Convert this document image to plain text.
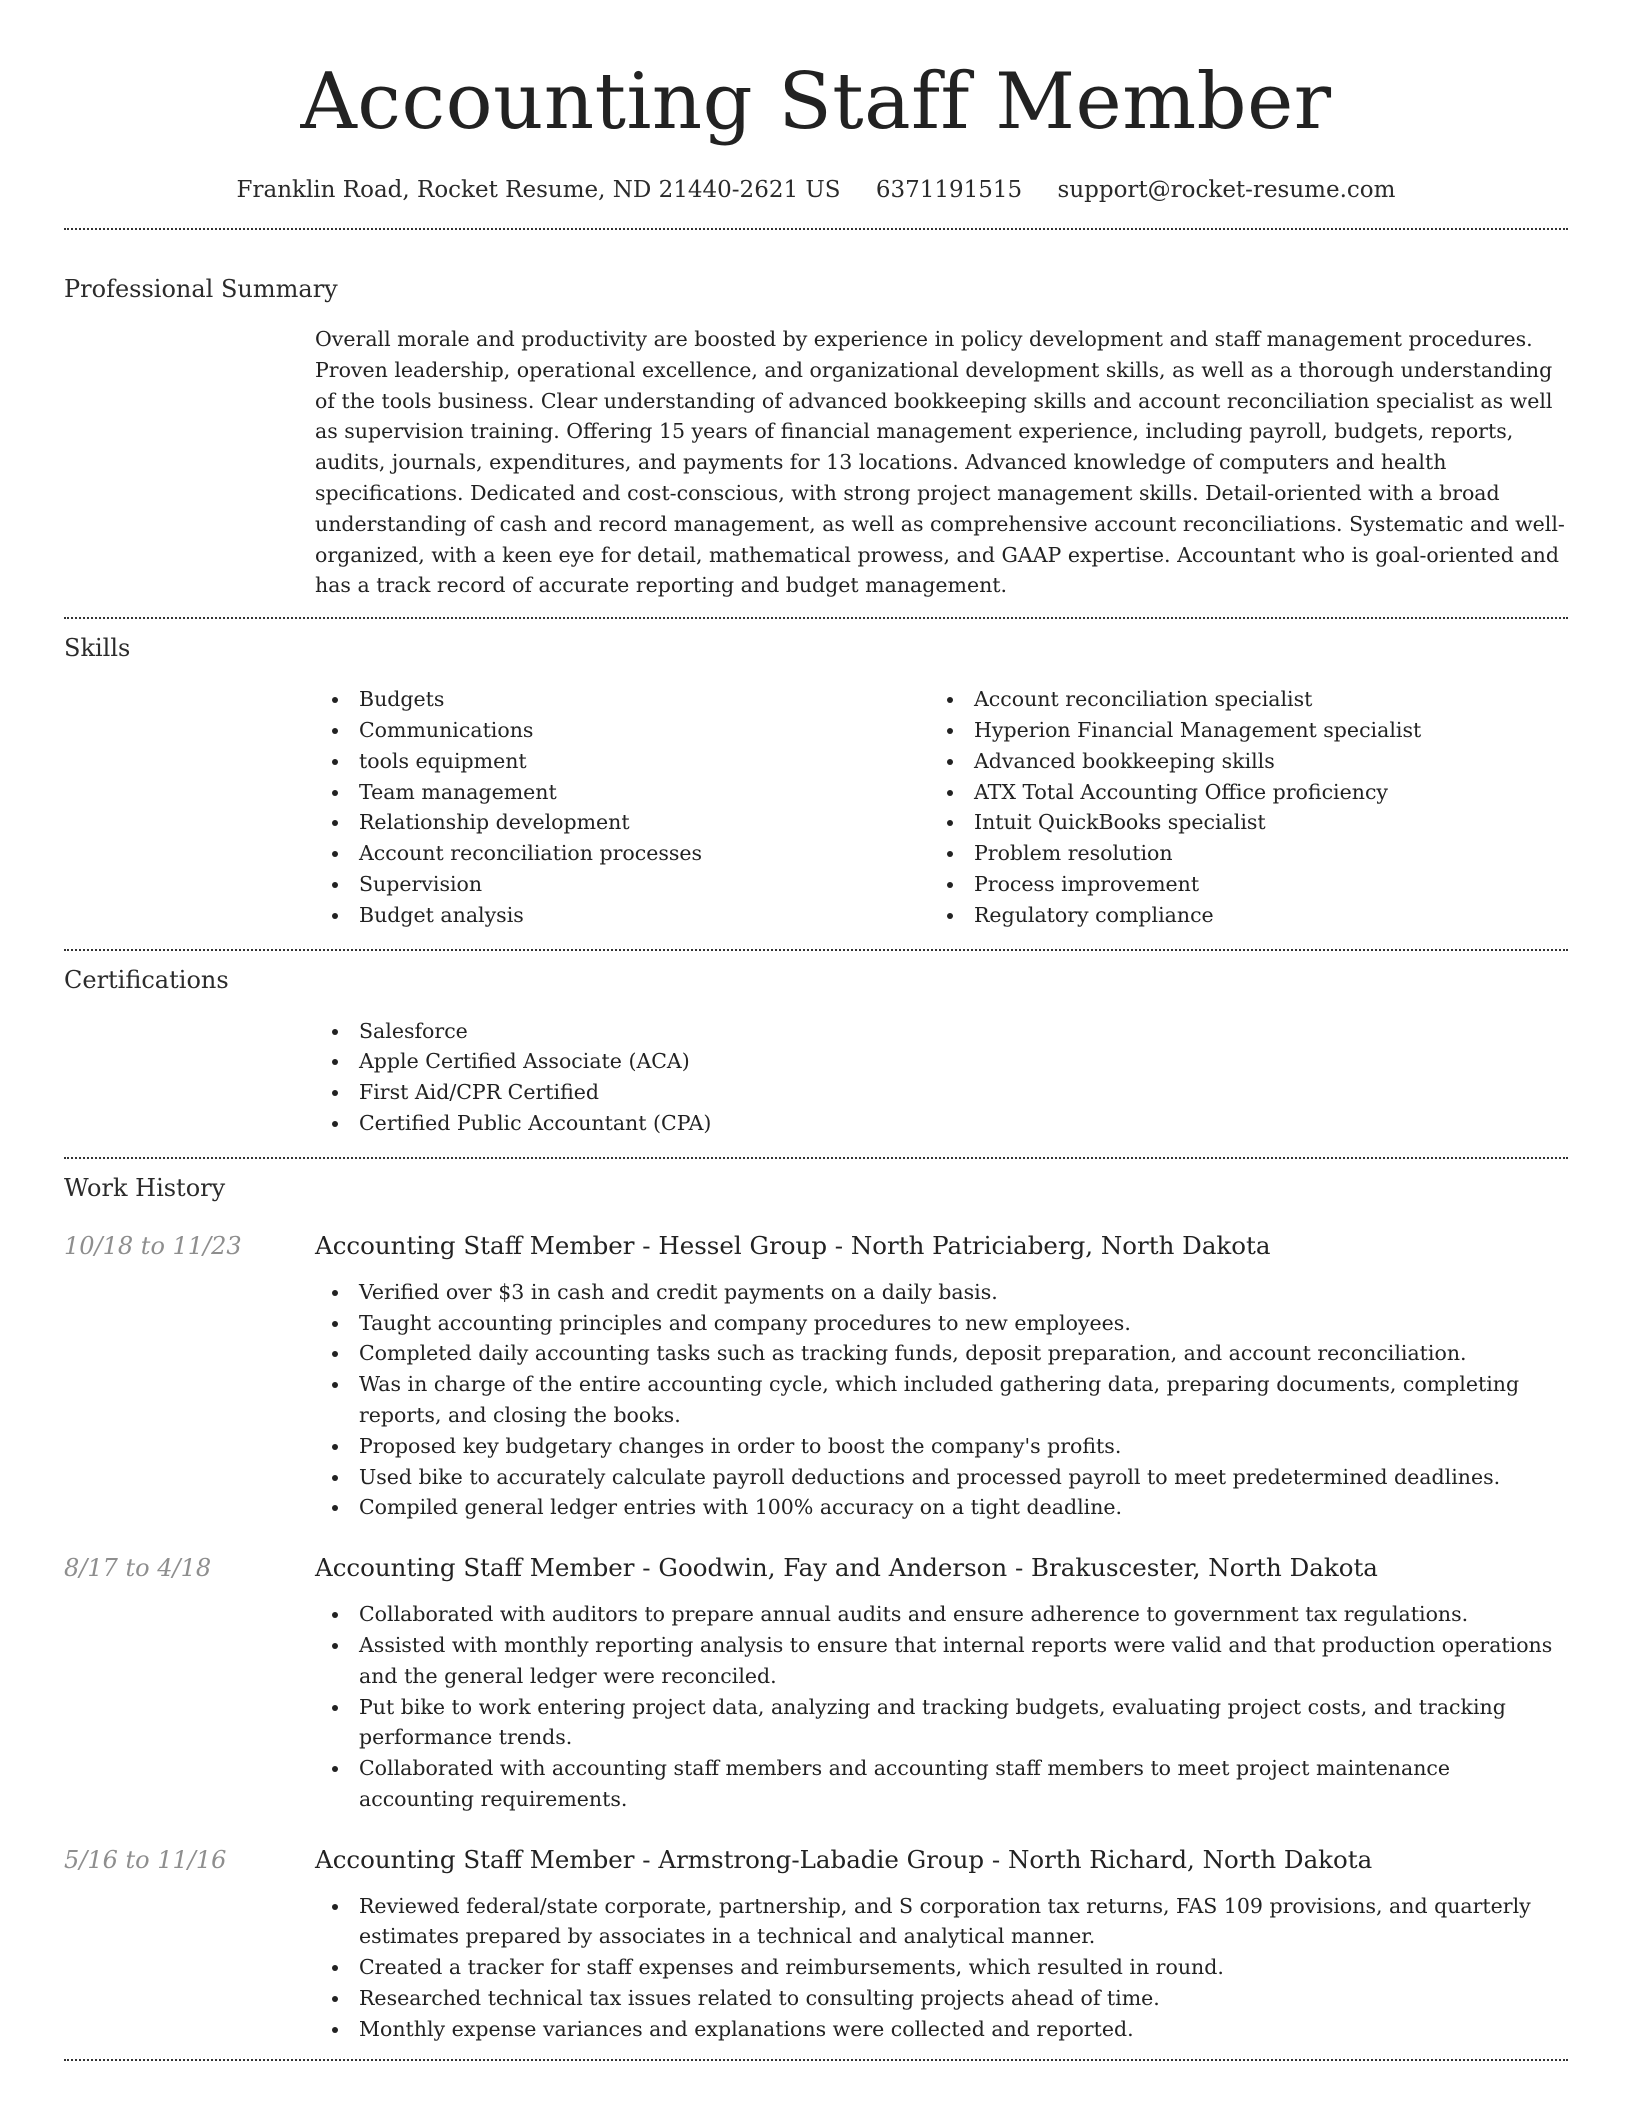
Accounting Staff Member
Franklin Road, Rocket Resume, ND 21440-2621 US 6371191515 support@rocket-resume.com
Professional Summary

Overall morale and productivity are boosted by experience in policy development and staff management procedures. Proven leadership, operational excellence, and organizational development skills, as well as a thorough understanding of the tools business. Clear understanding of advanced bookkeeping skills and account reconciliation specialist as well as supervision training. Offering 15 years of financial management experience, including payroll, budgets, reports, audits, journals, expenditures, and payments for 13 locations. Advanced knowledge of computers and health specifications. Dedicated and cost-conscious, with strong project management skills. Detail-oriented with a broad understanding of cash and record management, as well as comprehensive account reconciliations. Systematic and well-organized, with a keen eye for detail, mathematical prowess, and GAAP expertise. Accountant who is goal-oriented and has a track record of accurate reporting and budget management.

Skills
Budgets
Communications
tools equipment
Team management
Relationship development
Account reconciliation processes
Supervision
Budget analysis
Account reconciliation specialist
Hyperion Financial Management specialist
Advanced bookkeeping skills
ATX Total Accounting Office proficiency
Intuit QuickBooks specialist
Problem resolution
Process improvement
Regulatory compliance
Certifications
Salesforce
Apple Certified Associate (ACA)
First Aid/CPR Certified
Certified Public Accountant (CPA)
Work History
10/18 to 11/23	Accounting Staff Member - Hessel Group - North Patriciaberg, North Dakota
Verified over $3 in cash and credit payments on a daily basis.
Taught accounting principles and company procedures to new employees.
Completed daily accounting tasks such as tracking funds, deposit preparation, and account reconciliation.
Was in charge of the entire accounting cycle, which included gathering data, preparing documents, completing reports, and closing the books.
Proposed key budgetary changes in order to boost the company's profits.
Used bike to accurately calculate payroll deductions and processed payroll to meet predetermined deadlines.
Compiled general ledger entries with 100% accuracy on a tight deadline.
8/17 to 4/18	Accounting Staff Member - Goodwin, Fay and Anderson - Brakuscester, North Dakota
Collaborated with auditors to prepare annual audits and ensure adherence to government tax regulations.
Assisted with monthly reporting analysis to ensure that internal reports were valid and that production operations and the general ledger were reconciled.
Put bike to work entering project data, analyzing and tracking budgets, evaluating project costs, and tracking performance trends.
Collaborated with accounting staff members and accounting staff members to meet project maintenance accounting requirements.
5/16 to 11/16	Accounting Staff Member - Armstrong-Labadie Group - North Richard, North Dakota
Reviewed federal/state corporate, partnership, and S corporation tax returns, FAS 109 provisions, and quarterly estimates prepared by associates in a technical and analytical manner.
Created a tracker for staff expenses and reimbursements, which resulted in round.
Researched technical tax issues related to consulting projects ahead of time.
Monthly expense variances and explanations were collected and reported.
